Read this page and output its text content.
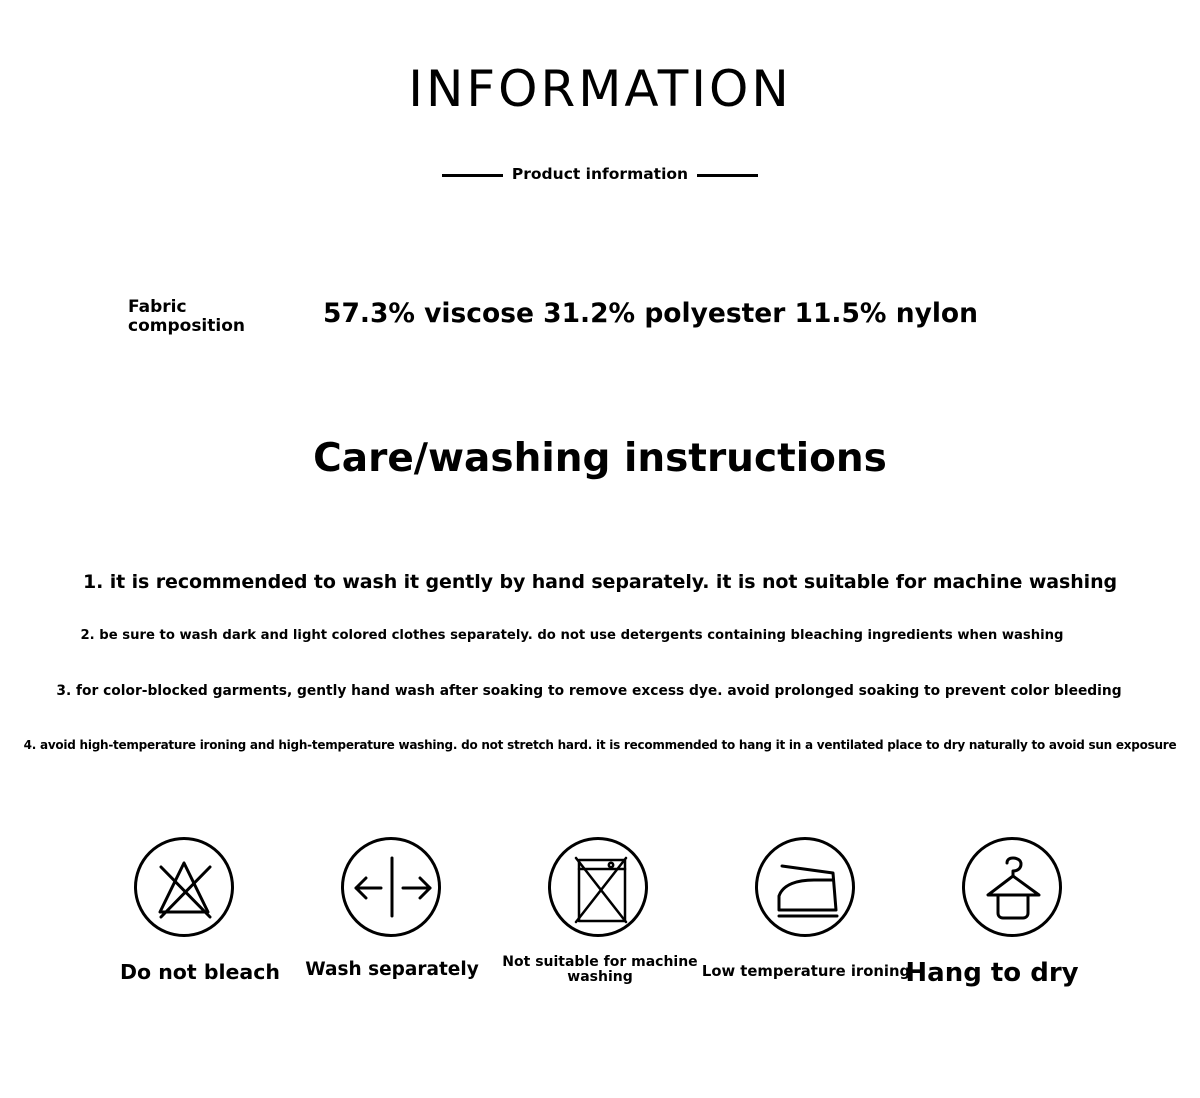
INFORMATION
Product information
Fabric composition	57.3% viscose 31.2% polyester 11.5% nylon
Care/washing instructions
1. it is recommended to wash it gently by hand separately. it is not suitable for machine washing
2. be sure to wash dark and light colored clothes separately. do not use detergents containing bleaching ingredients when washing
3. for color-blocked garments, gently hand wash after soaking to remove excess dye. avoid prolonged soaking to prevent color bleeding
4. avoid high-temperature ironing and high-temperature washing. do not stretch hard. it is recommended to hang it in a ventilated place to dry naturally to avoid sun exposure
Do not bleach	Wash separately	Not suitable for machine washing	Low temperature ironing
Hang to dry
